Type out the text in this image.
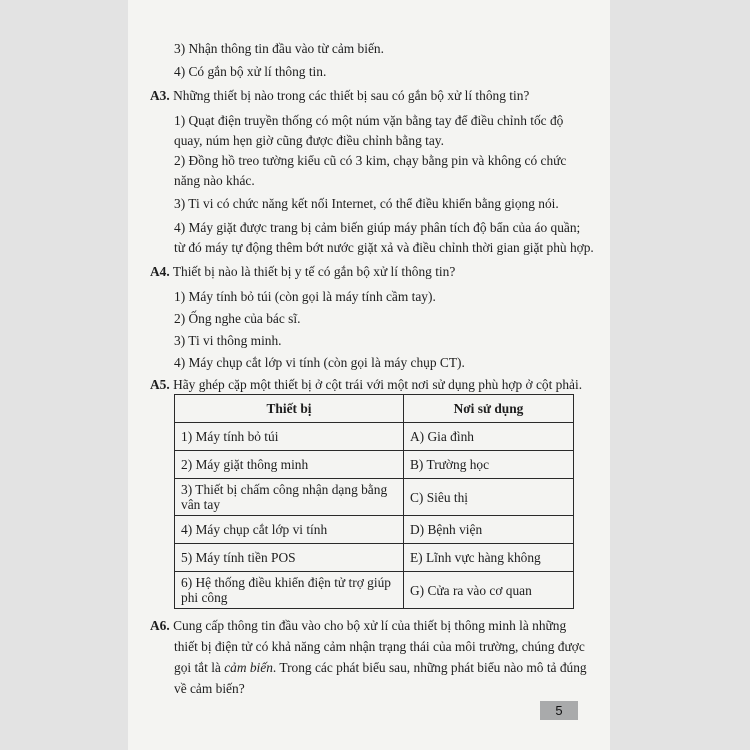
3) Nhận thông tin đầu vào từ cảm biến.
4) Có gắn bộ xử lí thông tin.
A3. Những thiết bị nào trong các thiết bị sau có gắn bộ xử lí thông tin?
1) Quạt điện truyền thống có một núm vặn bằng tay để điều chỉnh tốc độ
quay, núm hẹn giờ cũng được điều chỉnh bằng tay.
2) Đồng hồ treo tường kiểu cũ có 3 kim, chạy bằng pin và không có chức
năng nào khác.
3) Ti vi có chức năng kết nối Internet, có thể điều khiển bằng giọng nói.
4) Máy giặt được trang bị cảm biến giúp máy phân tích độ bẩn của áo quần;
từ đó máy tự động thêm bớt nước giặt xả và điều chỉnh thời gian giặt phù hợp.
A4. Thiết bị nào là thiết bị y tế có gắn bộ xử lí thông tin?
1) Máy tính bỏ túi (còn gọi là máy tính cầm tay).
2) Ống nghe của bác sĩ.
3) Ti vi thông minh.
4) Máy chụp cắt lớp vi tính (còn gọi là máy chụp CT).
A5. Hãy ghép cặp một thiết bị ở cột trái với một nơi sử dụng phù hợp ở cột phải.
Thiết bị	Nơi sử dụng
1) Máy tính bỏ túi	A) Gia đình
2) Máy giặt thông minh	B) Trường học
3) Thiết bị chấm công nhận dạng bằng vân tay	C) Siêu thị
4) Máy chụp cắt lớp vi tính	D) Bệnh viện
5) Máy tính tiền POS	E) Lĩnh vực hàng không
6) Hệ thống điều khiển điện tử trợ giúp phi công	G) Cửa ra vào cơ quan
A6. Cung cấp thông tin đầu vào cho bộ xử lí của thiết bị thông minh là những
thiết bị điện tử có khả năng cảm nhận trạng thái của môi trường, chúng được
gọi tắt là cảm biến. Trong các phát biểu sau, những phát biểu nào mô tả đúng
về cảm biến?
5
